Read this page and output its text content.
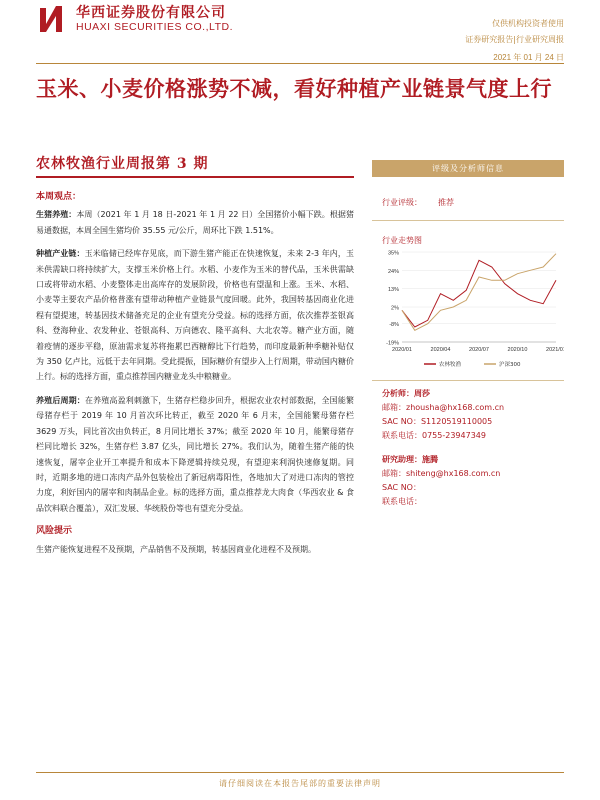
华西证券股份有限公司
HUAXI SECURITIES CO.,LTD.	仅供机构投资者使用
证券研究报告|行业研究周报
2021 年 01 月 24 日
玉米、小麦价格涨势不减，看好种植产业链景气度上行
农林牧渔行业周报第 3 期
本周观点：
生猪养殖：本周（2021 年 1 月 18 日-2021 年 1 月 22 日）全国猪价小幅下跌。根据猪易通数据，本周全国生猪均价 35.55 元/公斤，周环比下跌 1.51%。
种植产业链：玉米临储已经库存见底，而下游生猪产能正在快速恢复，未来 2-3 年内，玉米供需缺口将持续扩大，支撑玉米价格上行。水稻、小麦作为玉米的替代品，玉米供需缺口或将带动水稻、小麦整体走出高库存的发展阶段，价格也有望温和上涨。玉米、水稻、小麦等主要农产品价格普涨有望带动种植产业链景气度回暖。此外，我国转基因商业化进程有望提速，转基因技术储备充足的企业有望充分受益。标的选择方面，依次推荐荃银高科、登海种业、农发种业、苍银高科、万向德农、隆平高科、大北农等。糖产业方面，随着疫情的逐步平稳，原油需求复苏将拖累巴西糖醇比下行趋势，而印度最新种季糖补贴仅为 350 亿卢比，远低于去年同期。受此提振，国际糖价有望步入上行周期，带动国内糖价上行。标的选择方面，重点推荐国内糖业龙头中粮糖业。
养殖后周期：在养殖高盈利刺激下，生猪存栏稳步回升，根据农业农村部数据，全国能繁母猪存栏于 2019 年 10 月首次环比转正，截至 2020 年 6 月末，全国能繁母猪存栏 3629 万头，同比首次由负转正，8 月同比增长 37%；截至 2020 年 10 月，能繁母猪存栏同比增长 32%，生猪存栏 3.87 亿头，同比增长 27%。我们认为，随着生猪产能的快速恢复，屠宰企业开工率提升和成本下降逻辑持续兑现，有望迎来利润快速修复期。同时，近期多地的进口冻肉产品外包装检出了新冠病毒阳性，各地加大了对进口冻肉的管控力度，利好国内的屠宰和肉制品企业。标的选择方面，重点推荐龙大肉食（华西农业 & 食品饮料联合覆盖），双汇发展、华统股份等也有望充分受益。
风险提示
生猪产能恢复进程不及预期，产品销售不及预期，转基因商业化进程不及预期。
评级及分析师信息
行业评级： 推荐
行业走势图
35%
24%
13%
2%
-8%
-19%
2020/01	2020/04	2020/07	2020/10	2021/01
农林牧渔	沪深300
分析师：周莎
邮箱：zhousha@hx168.com.cn
SAC NO：S1120519110005
联系电话：0755-23947349
研究助理：施腾
邮箱：shiteng@hx168.com.cn
SAC NO：
联系电话：
请仔细阅读在本报告尾部的重要法律声明
